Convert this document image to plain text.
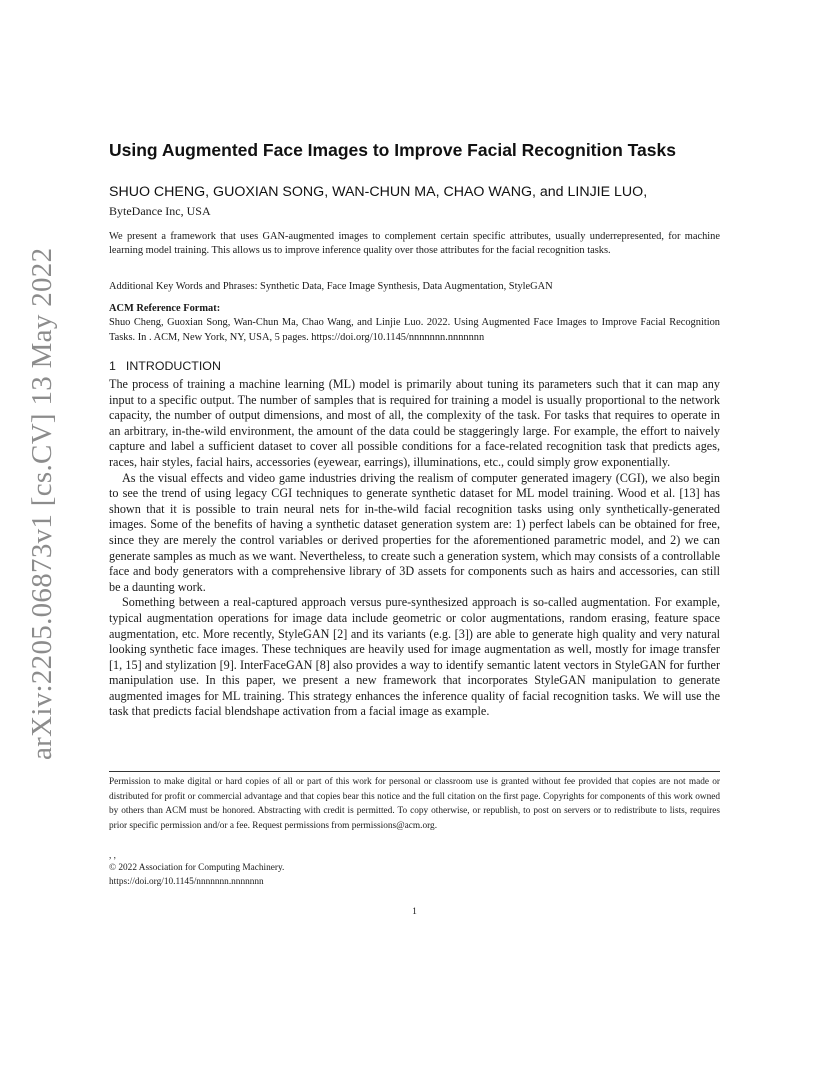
arXiv:2205.06873v1 [cs.CV] 13 May 2022
Using Augmented Face Images to Improve Facial Recognition Tasks
SHUO CHENG, GUOXIAN SONG, WAN-CHUN MA, CHAO WANG, and LINJIE LUO,
ByteDance Inc, USA
We present a framework that uses GAN-augmented images to complement certain specific attributes, usually underrepresented, for machine learning model training. This allows us to improve inference quality over those attributes for the facial recognition tasks.
Additional Key Words and Phrases: Synthetic Data, Face Image Synthesis, Data Augmentation, StyleGAN
ACM Reference Format:
Shuo Cheng, Guoxian Song, Wan-Chun Ma, Chao Wang, and Linjie Luo. 2022. Using Augmented Face Images to Improve Facial Recognition Tasks. In . ACM, New York, NY, USA, 5 pages. https://doi.org/10.1145/nnnnnnn.nnnnnnn
1 INTRODUCTION

The process of training a machine learning (ML) model is primarily about tuning its parameters such that it can map any input to a specific output. The number of samples that is required for training a model is usually proportional to the network capacity, the number of output dimensions, and most of all, the complexity of the task. For tasks that requires to operate in an arbitrary, in-the-wild environment, the amount of the data could be staggeringly large. For example, the effort to naively capture and label a sufficient dataset to cover all possible conditions for a face-related recognition task that predicts ages, races, hair styles, facial hairs, accessories (eyewear, earrings), illuminations, etc., could simply grow exponentially.

As the visual effects and video game industries driving the realism of computer generated imagery (CGI), we also begin to see the trend of using legacy CGI techniques to generate synthetic dataset for ML model training. Wood et al. [13] has shown that it is possible to train neural nets for in-the-wild facial recognition tasks using only synthetically-generated images. Some of the benefits of having a synthetic dataset generation system are: 1) perfect labels can be obtained for free, since they are merely the control variables or derived properties for the aforementioned parametric model, and 2) we can generate samples as much as we want. Nevertheless, to create such a generation system, which may consists of a controllable face and body generators with a comprehensive library of 3D assets for components such as hairs and accessories, can still be a daunting work.

Something between a real-captured approach versus pure-synthesized approach is so-called augmentation. For example, typical augmentation operations for image data include geometric or color augmentations, random erasing, feature space augmentation, etc. More recently, StyleGAN [2] and its variants (e.g. [3]) are able to generate high quality and very natural looking synthetic face images. These techniques are heavily used for image augmentation as well, mostly for image transfer [1, 15] and stylization [9]. InterFaceGAN [8] also provides a way to identify semantic latent vectors in StyleGAN for further manipulation use. In this paper, we present a new framework that incorporates StyleGAN manipulation to generate augmented images for ML training. This strategy enhances the inference quality of facial recognition tasks. We will use the task that predicts facial blendshape activation from a facial image as example.

Permission to make digital or hard copies of all or part of this work for personal or classroom use is granted without fee provided that copies are not made or distributed for profit or commercial advantage and that copies bear this notice and the full citation on the first page. Copyrights for components of this work owned by others than ACM must be honored. Abstracting with credit is permitted. To copy otherwise, or republish, to post on servers or to redistribute to lists, requires prior specific permission and/or a fee. Request permissions from permissions@acm.org.
, ,
© 2022 Association for Computing Machinery.
https://doi.org/10.1145/nnnnnnn.nnnnnnn
1
